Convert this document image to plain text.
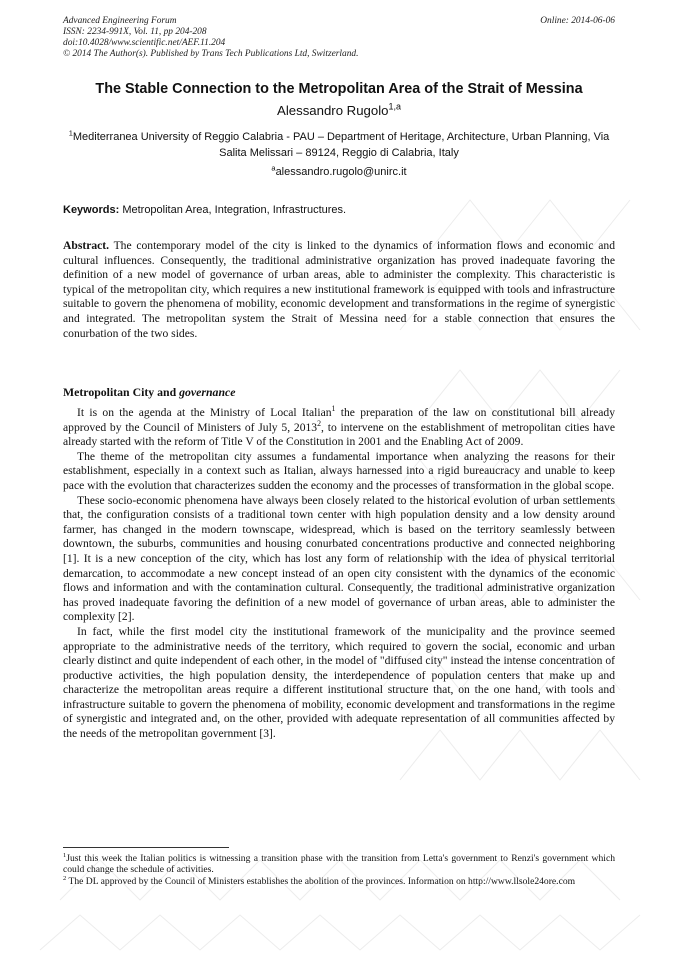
Advanced Engineering Forum
ISSN: 2234-991X, Vol. 11, pp 204-208
doi:10.4028/www.scientific.net/AEF.11.204
© 2014 The Author(s). Published by Trans Tech Publications Ltd, Switzerland.
Online: 2014-06-06
The Stable Connection to the Metropolitan Area of the Strait of Messina
Alessandro Rugolo$^{1,a}$
$^1$Mediterranea University of Reggio Calabria - PAU – Department of Heritage, Architecture, Urban Planning, Via Salita Melissari – 89124, Reggio di Calabria, Italy
$^a$alessandro.rugolo@unirc.it
Keywords: Metropolitan Area, Integration, Infrastructures.
Abstract. The contemporary model of the city is linked to the dynamics of information flows and economic and cultural influences. Consequently, the traditional administrative organization has proved inadequate favoring the definition of a new model of governance of urban areas, able to administer the complexity. This characteristic is typical of the metropolitan city, which requires a new institutional framework is equipped with tools and infrastructure suitable to govern the phenomena of mobility, economic development and transformations in the regime of synergistic and integrated. The metropolitan system the Strait of Messina need for a stable connection that ensures the conurbation of the two sides.
Metropolitan City and governance

It is on the agenda at the Ministry of Local Italian$^1$ the preparation of the law on constitutional bill already approved by the Council of Ministers of July 5, 2013$^2$, to intervene on the establishment of metropolitan cities have already started with the reform of Title V of the Constitution in 2001 and the Enabling Act of 2009.

The theme of the metropolitan city assumes a fundamental importance when analyzing the reasons for their establishment, especially in a context such as Italian, always harnessed into a rigid bureaucracy and unable to keep pace with the evolution that characterizes sudden the economy and the processes of transformation in the global scope.

These socio-economic phenomena have always been closely related to the historical evolution of urban settlements that, the configuration consists of a traditional town center with high population density and a low density around farmer, has changed in the modern townscape, widespread, which is based on the territory seamlessly between downtown, the suburbs, communities and housing conurbated concentrations productive and connected neighboring [1]. It is a new conception of the city, which has lost any form of relationship with the idea of physical territorial demarcation, to accommodate a new concept instead of an open city consistent with the dynamics of the economic flows and information and with the contamination cultural. Consequently, the traditional administrative organization has proved inadequate favoring the definition of a new model of governance of urban areas, able to administer the complexity [2].

In fact, while the first model city the institutional framework of the municipality and the province seemed appropriate to the administrative needs of the territory, which required to govern the social, economic and urban clearly distinct and quite independent of each other, in the model of "diffused city" instead the intense concentration of productive activities, the high population density, the interdependence of population centers that make up and characterize the metropolitan areas require a different institutional structure that, on the one hand, with tools and infrastructure suitable to govern the phenomena of mobility, economic development and transformations in the regime of synergistic and integrated and, on the other, provided with adequate representation of all communities affected by the needs of the metropolitan government [3].

$^1$Just this week the Italian politics is witnessing a transition phase with the transition from Letta's government to Renzi's government which could change the schedule of activities.

$^2$ The DL approved by the Council of Ministers establishes the abolition of the provinces. Information on http://www.llsole24ore.com
